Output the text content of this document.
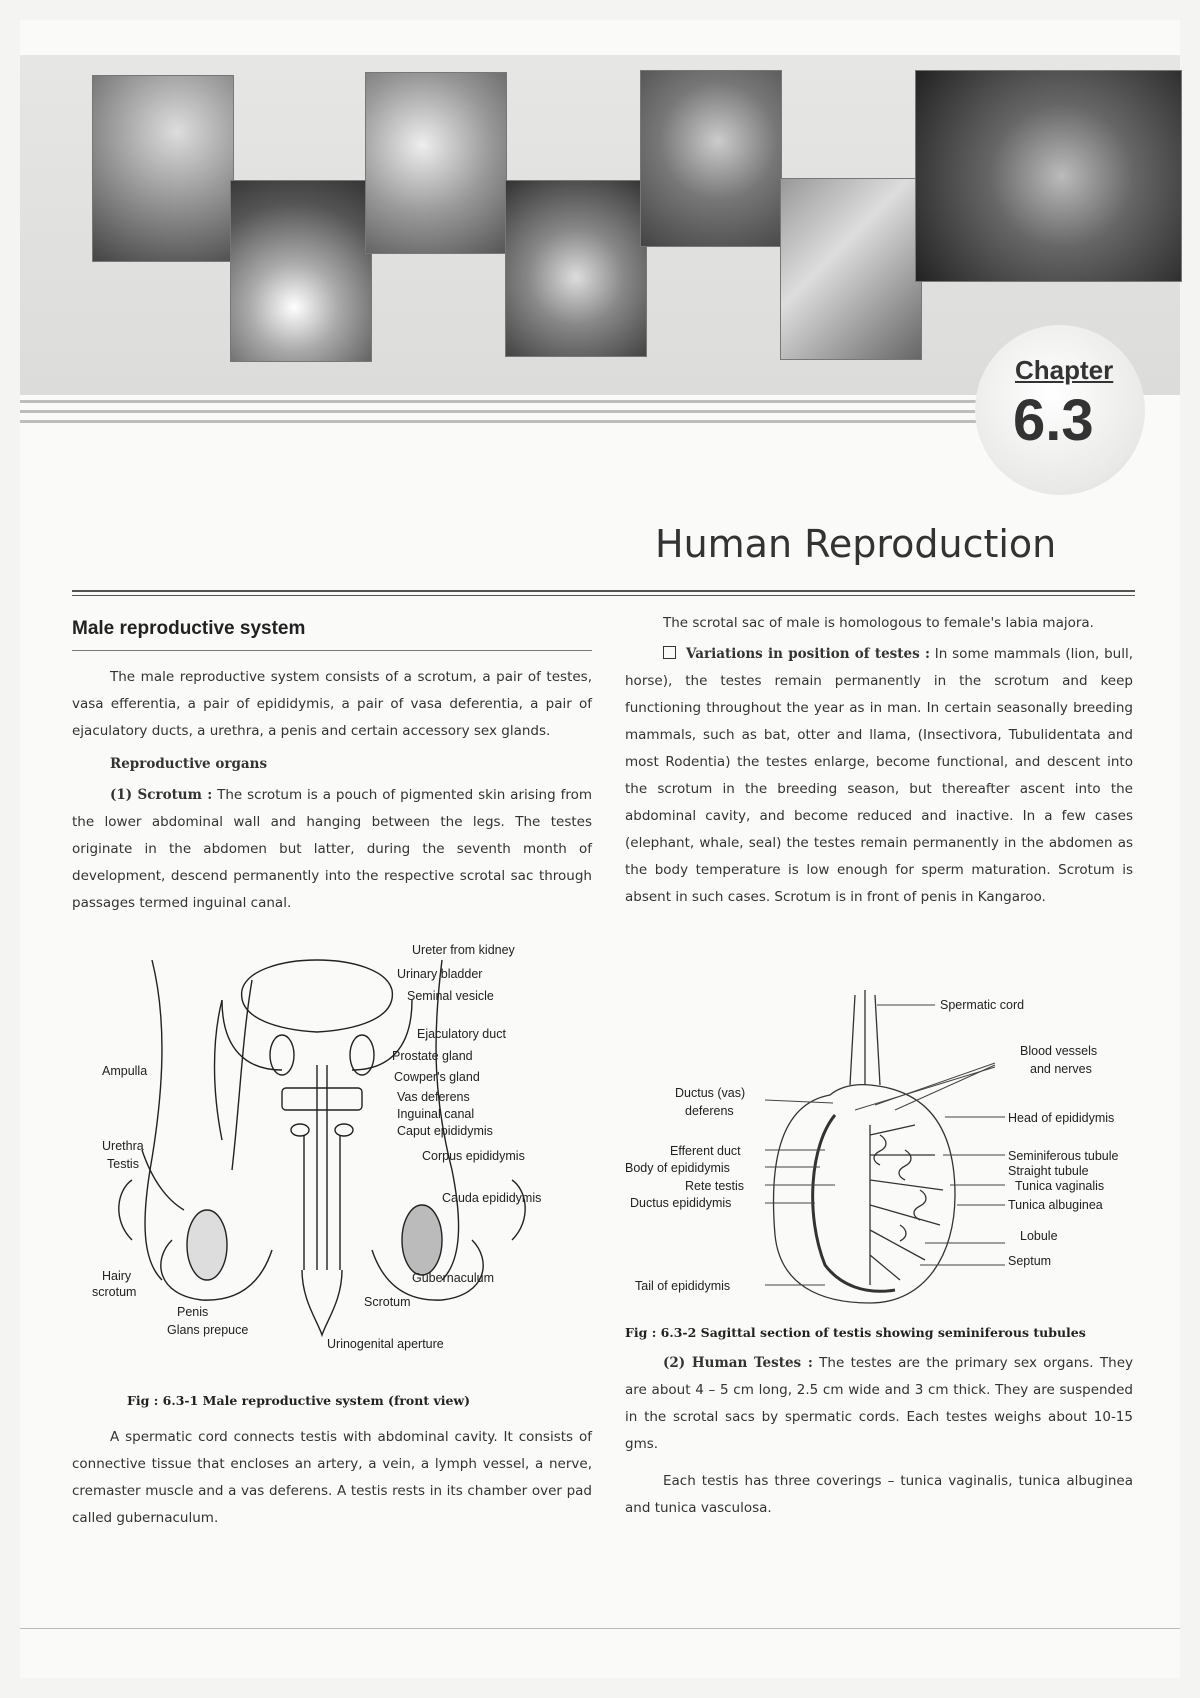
Chapter
6.3
Human Reproduction
Male reproductive system

The male reproductive system consists of a scrotum, a pair of testes, vasa efferentia, a pair of epididymis, a pair of vasa deferentia, a pair of ejaculatory ducts, a urethra, a penis and certain accessory sex glands.

Reproductive organs

(1) Scrotum : The scrotum is a pouch of pigmented skin arising from the lower abdominal wall and hanging between the legs. The testes originate in the abdomen but latter, during the seventh month of development, descend permanently into the respective scrotal sac through passages termed inguinal canal.

Ureter from kidney
Urinary bladder
Seminal vesicle
Ejaculatory duct
Prostate gland
Cowper's gland
Vas deferens
Inguinal canal
Caput epididymis
Corpus epididymis
Cauda epididymis
Gubernaculum
Scrotum
Urinogenital aperture
Ampulla
Urethra
Testis
Hairy
scrotum
Penis
Glans prepuce
Fig : 6.3-1 Male reproductive system (front view)

A spermatic cord connects testis with abdominal cavity. It consists of connective tissue that encloses an artery, a vein, a lymph vessel, a nerve, cremaster muscle and a vas deferens. A testis rests in its chamber over pad called gubernaculum.

The scrotal sac of male is homologous to female's labia majora.

Variations in position of testes : In some mammals (lion, bull, horse), the testes remain permanently in the scrotum and keep functioning throughout the year as in man. In certain seasonally breeding mammals, such as bat, otter and llama, (Insectivora, Tubulidentata and most Rodentia) the testes enlarge, become functional, and descent into the scrotum in the breeding season, but thereafter ascent into the abdominal cavity, and become reduced and inactive. In a few cases (elephant, whale, seal) the testes remain permanently in the abdomen as the body temperature is low enough for sperm maturation. Scrotum is absent in such cases. Scrotum is in front of penis in Kangaroo.

Spermatic cord
Blood vessels
and nerves
Ductus (vas)
deferens	Head of epididymis
Efferent duct
Body of epididymis
Rete testis
Ductus epididymis
Seminiferous tubule
Straight tubule
Tunica vaginalis
Tunica albuginea
Lobule
Septum
Tail of epididymis
Fig : 6.3-2 Sagittal section of testis showing seminiferous tubules

(2) Human Testes : The testes are the primary sex organs. They are about 4 – 5 cm long, 2.5 cm wide and 3 cm thick. They are suspended in the scrotal sacs by spermatic cords. Each testes weighs about 10-15 gms.

Each testis has three coverings – tunica vaginalis, tunica albuginea and tunica vasculosa.
